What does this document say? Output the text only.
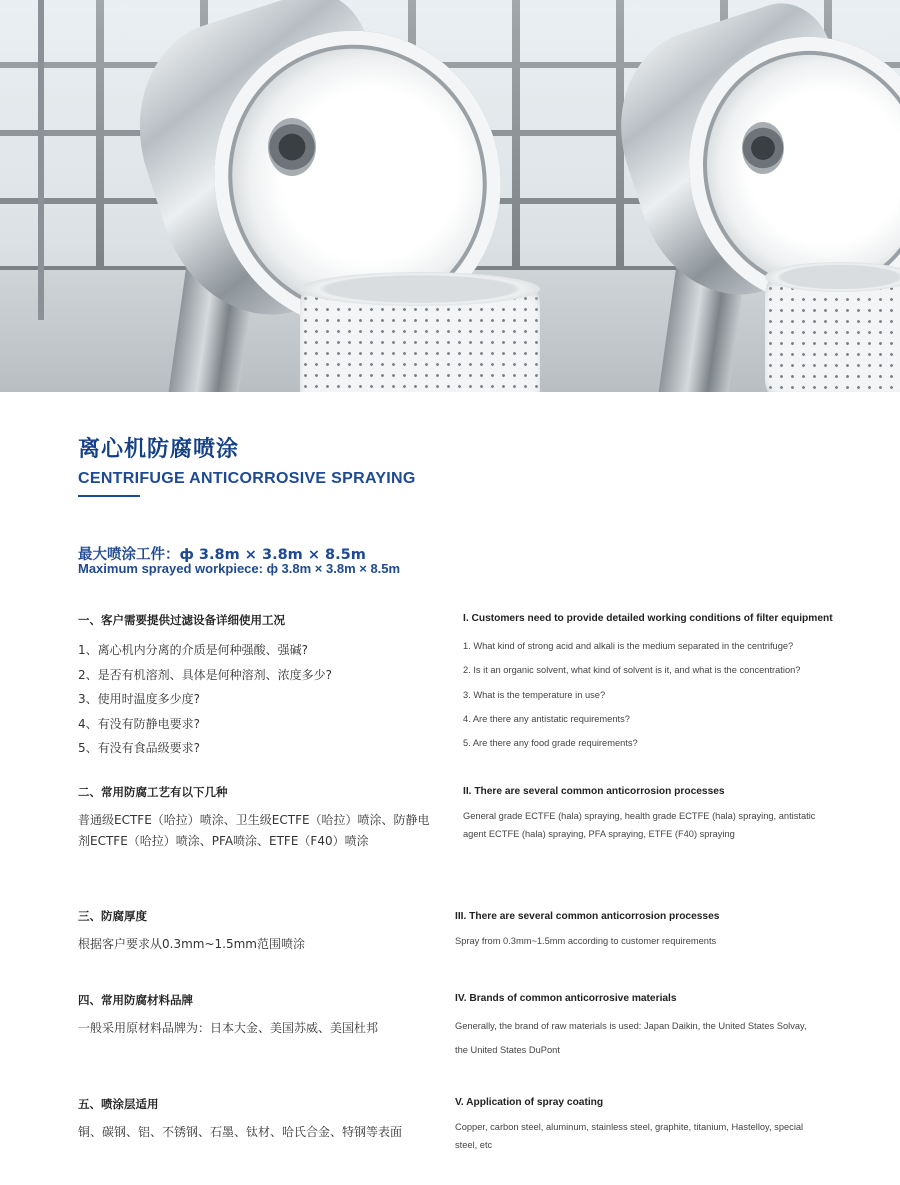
离心机防腐喷涂
CENTRIFUGE ANTICORROSIVE SPRAYING
最大喷涂工件：ф 3.8m × 3.8m × 8.5m
Maximum sprayed workpiece: ф 3.8m × 3.8m × 8.5m

一、客户需要提供过滤设备详细使用工况

1、离心机内分离的介质是何种强酸、强碱?
2、是否有机溶剂、具体是何种溶剂、浓度多少?
3、使用时温度多少度?
4、有没有防静电要求?
5、有没有食品级要求?

I. Customers need to provide detailed working conditions of filter equipment

1. What kind of strong acid and alkali is the medium separated in the centrifuge?
2. Is it an organic solvent, what kind of solvent is it, and what is the concentration?
3. What is the temperature in use?
4. Are there any antistatic requirements?
5. Are there any food grade requirements?

二、常用防腐工艺有以下几种

普通级ECTFE（哈拉）喷涂、卫生级ECTFE（哈拉）喷涂、防静电
剂ECTFE（哈拉）喷涂、PFA喷涂、ETFE（F40）喷涂

II. There are several common anticorrosion processes

General grade ECTFE (hala) spraying, health grade ECTFE (hala) spraying, antistatic
agent ECTFE (hala) spraying, PFA spraying, ETFE (F40) spraying

三、防腐厚度

根据客户要求从0.3mm~1.5mm范围喷涂

III. There are several common anticorrosion processes

Spray from 0.3mm~1.5mm according to customer requirements

四、常用防腐材料品牌

一般采用原材料品牌为：日本大金、美国苏威、美国杜邦

IV. Brands of common anticorrosive materials

Generally, the brand of raw materials is used: Japan Daikin, the United States Solvay,
the United States DuPont

五、喷涂层适用

铜、碳钢、铝、不锈钢、石墨、钛材、哈氏合金、特钢等表面

V. Application of spray coating

Copper, carbon steel, aluminum, stainless steel, graphite, titanium, Hastelloy, special
steel, etc
